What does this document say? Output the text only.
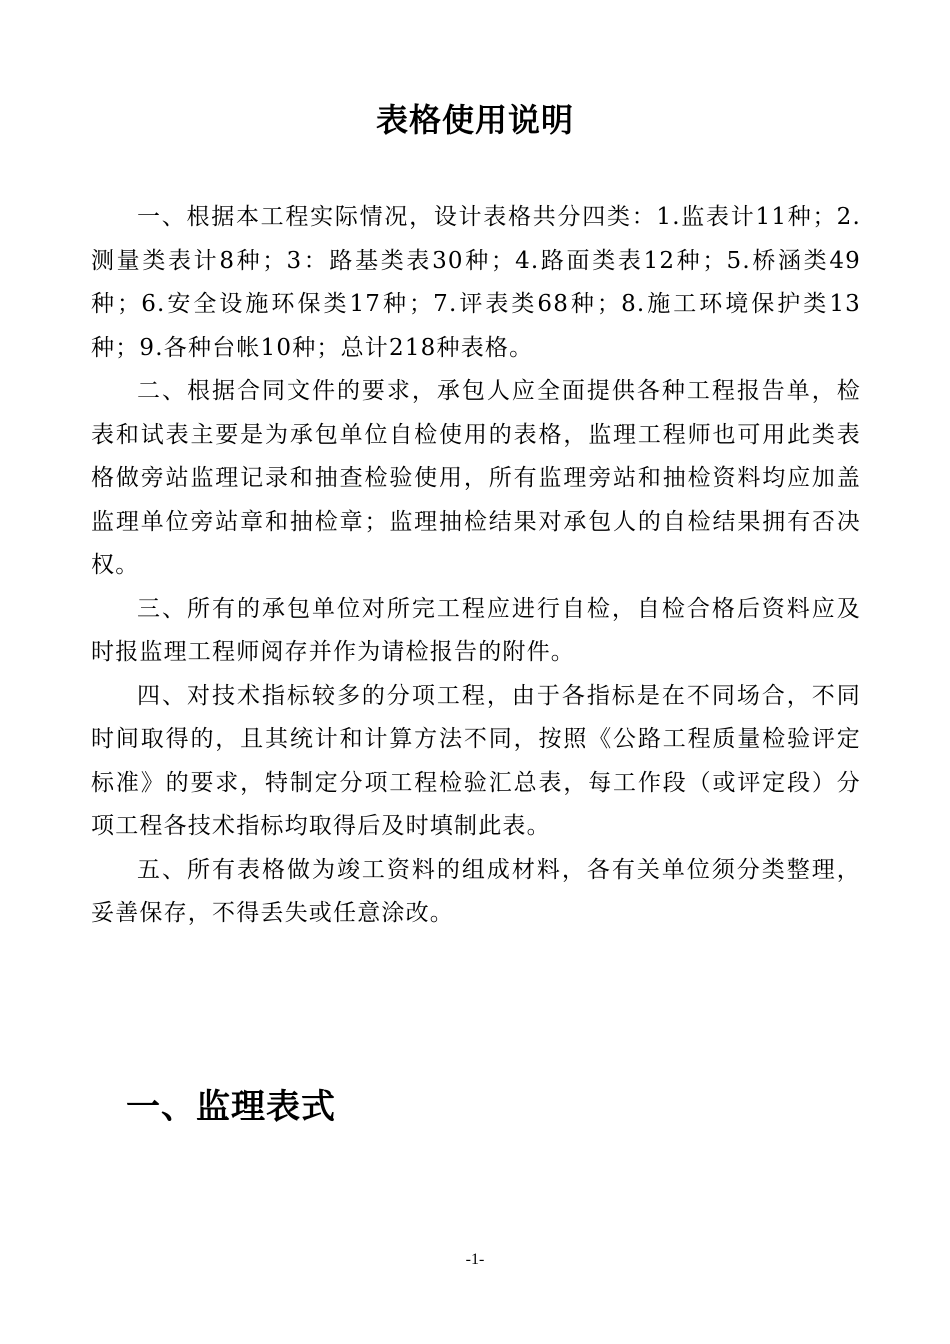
表格使用说明

一、根据本工程实际情况，设计表格共分四类：1.监表计11种；2.测量类表计8种；3：路基类表30种；4.路面类表12种；5.桥涵类49种；6.安全设施环保类17种；7.评表类68种；8.施工环境保护类13种；9.各种台帐10种；总计218种表格。

二、根据合同文件的要求，承包人应全面提供各种工程报告单，检表和试表主要是为承包单位自检使用的表格，监理工程师也可用此类表格做旁站监理记录和抽查检验使用，所有监理旁站和抽检资料均应加盖监理单位旁站章和抽检章；监理抽检结果对承包人的自检结果拥有否决权。

三、所有的承包单位对所完工程应进行自检，自检合格后资料应及时报监理工程师阅存并作为请检报告的附件。

四、对技术指标较多的分项工程，由于各指标是在不同场合，不同时间取得的，且其统计和计算方法不同，按照《公路工程质量检验评定标准》的要求，特制定分项工程检验汇总表，每工作段（或评定段）分项工程各技术指标均取得后及时填制此表。

五、所有表格做为竣工资料的组成材料，各有关单位须分类整理，妥善保存，不得丢失或任意涂改。

一、监理表式
-1-
